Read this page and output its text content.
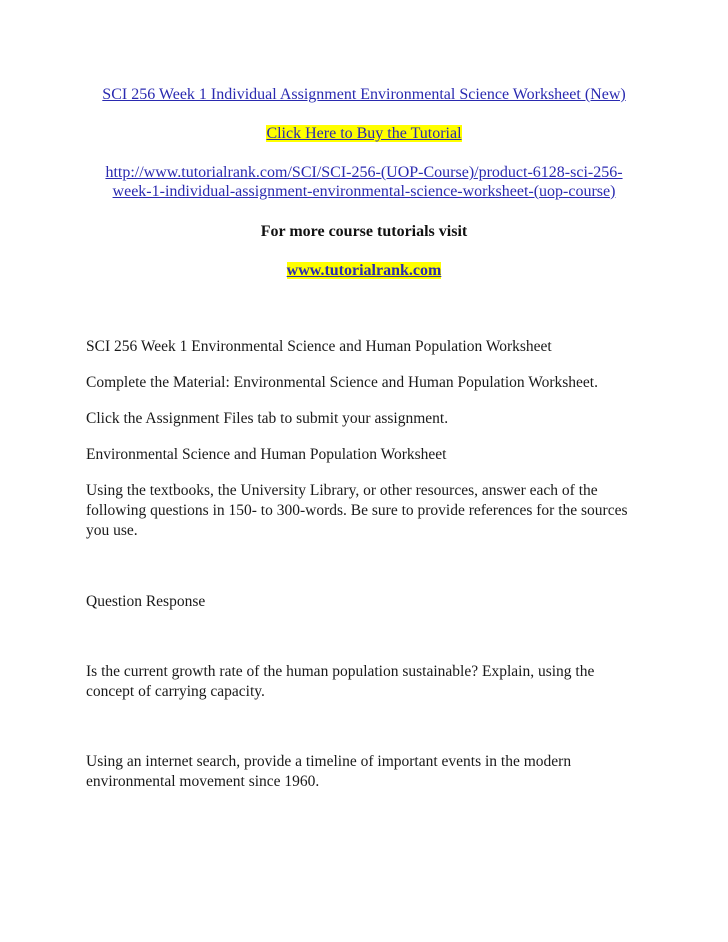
SCI 256 Week 1 Individual Assignment Environmental Science Worksheet (New)
Click Here to Buy the Tutorial
http://www.tutorialrank.com/SCI/SCI-256-(UOP-Course)/product-6128-sci-256-
week-1-individual-assignment-environmental-science-worksheet-(uop-course)
For more course tutorials visit
www.tutorialrank.com
SCI 256 Week 1 Environmental Science and Human Population Worksheet
Complete the Material: Environmental Science and Human Population Worksheet.
Click the Assignment Files tab to submit your assignment.
Environmental Science and Human Population Worksheet
Using the textbooks, the University Library, or other resources, answer each of the following questions in 150- to 300-words. Be sure to provide references for the sources you use.
Question Response
Is the current growth rate of the human population sustainable? Explain, using the concept of carrying capacity.
Using an internet search, provide a timeline of important events in the modern environmental movement since 1960.
